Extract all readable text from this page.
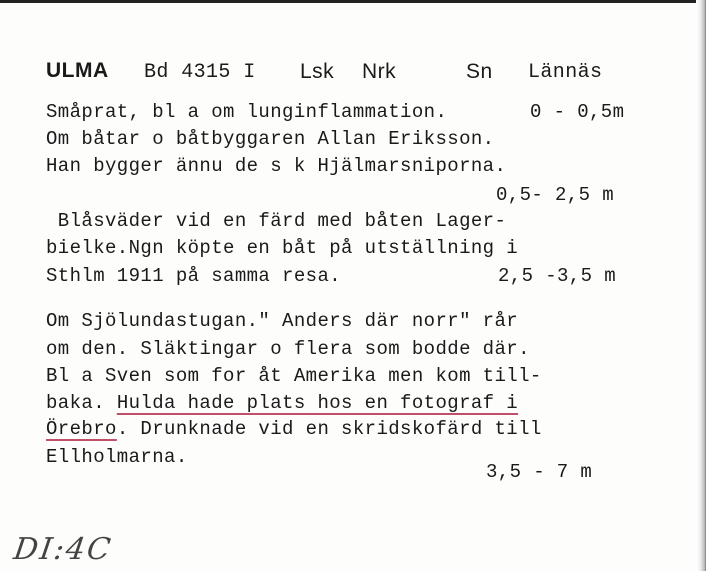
ULMA Bd 4315 I Lsk Nrk	Sn Lännäs
Småprat, bl a om lunginflammation.	0 - 0,5m
Om båtar o båtbyggaren Allan Eriksson.
Han bygger ännu de s k Hjälmarsniporna.
0,5- 2,5 m
Blåsväder vid en färd med båten Lager-
bielke.Ngn köpte en båt på utställning i
Sthlm 1911 på samma resa.	2,5 -3,5 m
Om Sjölundastugan." Anders där norr" rår
om den. Släktingar o flera som bodde där.
Bl a Sven som for åt Amerika men kom till-
baka. Hulda hade plats hos en fotograf i
Örebro. Drunknade vid en skridskofärd till
Ellholmarna.
3,5 - 7 m
DI:4C
